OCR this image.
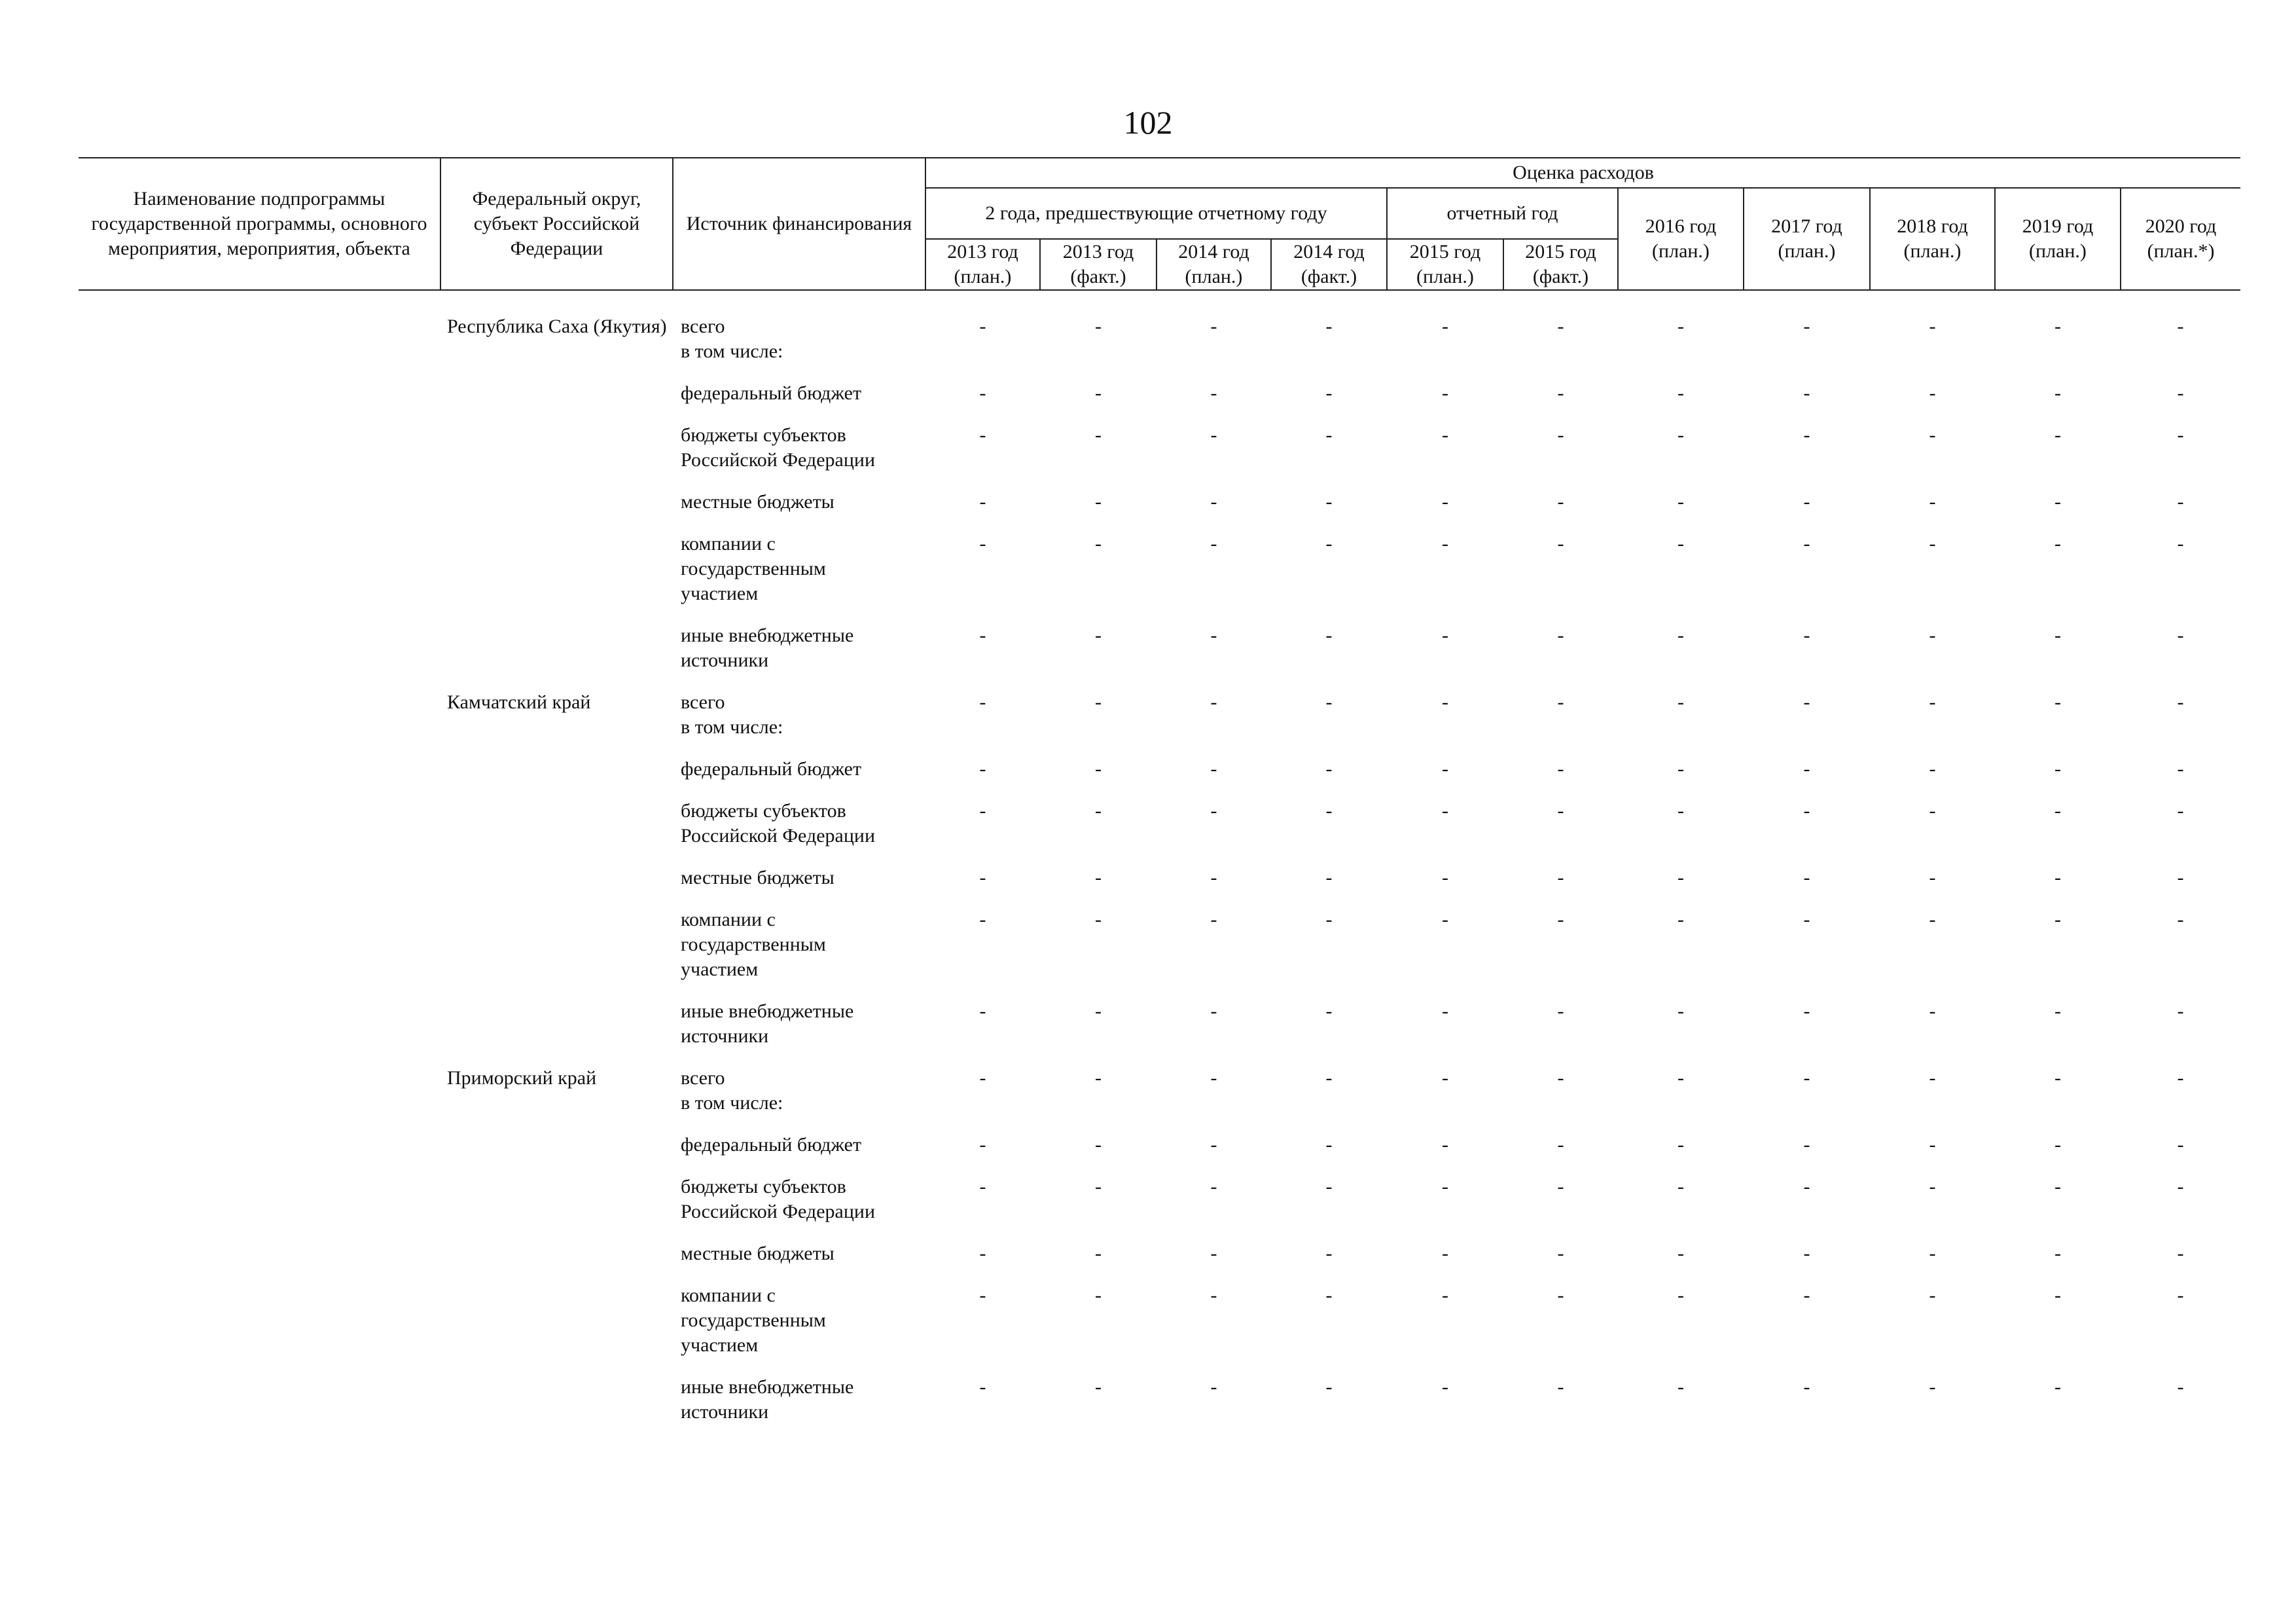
102
Наименование подпрограммы государственной программы, основного мероприятия, мероприятия, объекта	Федеральный округ, субъект Российской Федерации	Источник финансирования	Оценка расходов										
			2 года, предшествующие отчетному году				отчетный год		2016 год (план.)	2017 год (план.)	2018 год (план.)	2019 год (план.)	2020 год (план.*)
			2013 год (план.)	2013 год (факт.)	2014 год (план.)	2014 год (факт.)	2015 год (план.)	2015 год (факт.)					

	Республика Саха (Якутия)	всего
в том числе:	-	-	-	-	-	-	-	-	-	-	-
		федеральный бюджет	-	-	-	-	-	-	-	-	-	-	-
		бюджеты субъектов
Российской Федерации	-	-	-	-	-	-	-	-	-	-	-
		местные бюджеты	-	-	-	-	-	-	-	-	-	-	-
		компании с
государственным
участием	-	-	-	-	-	-	-	-	-	-	-
		иные внебюджетные
источники	-	-	-	-	-	-	-	-	-	-	-
	Камчатский край	всего
в том числе:	-	-	-	-	-	-	-	-	-	-	-
		федеральный бюджет	-	-	-	-	-	-	-	-	-	-	-
		бюджеты субъектов
Российской Федерации	-	-	-	-	-	-	-	-	-	-	-
		местные бюджеты	-	-	-	-	-	-	-	-	-	-	-
		компании с
государственным
участием	-	-	-	-	-	-	-	-	-	-	-
		иные внебюджетные
источники	-	-	-	-	-	-	-	-	-	-	-
	Приморский край	всего
в том числе:	-	-	-	-	-	-	-	-	-	-	-
		федеральный бюджет	-	-	-	-	-	-	-	-	-	-	-
		бюджеты субъектов
Российской Федерации	-	-	-	-	-	-	-	-	-	-	-
		местные бюджеты	-	-	-	-	-	-	-	-	-	-	-
		компании с
государственным
участием	-	-	-	-	-	-	-	-	-	-	-
		иные внебюджетные
источники	-	-	-	-	-	-	-	-	-	-	-
